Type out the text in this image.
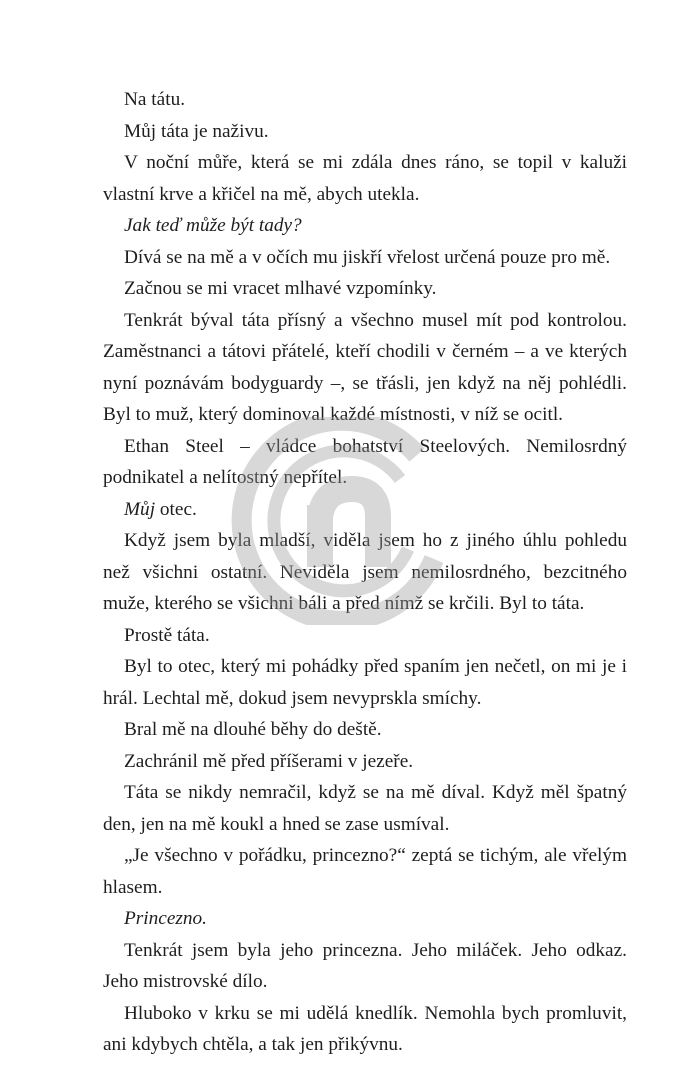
Na tátu.

Můj táta je naživu.

V noční můře, která se mi zdála dnes ráno, se topil v kaluži vlastní krve a křičel na mě, abych utekla.

Jak teď může být tady?

Dívá se na mě a v očích mu jiskří vřelost určená pouze pro mě.

Začnou se mi vracet mlhavé vzpomínky.

Tenkrát býval táta přísný a všechno musel mít pod kontrolou. Zaměstnanci a tátovi přátelé, kteří chodili v černém – a ve kterých nyní poznávám bodyguardy –, se třásli, jen když na něj pohlédli. Byl to muž, který dominoval každé místnosti, v níž se ocitl.

Ethan Steel – vládce bohatství Steelových. Nemilosrdný podnikatel a nelítostný nepřítel.

Můj otec.

Když jsem byla mladší, viděla jsem ho z jiného úhlu pohledu než všichni ostatní. Neviděla jsem nemilosrdného, bezcitného muže, kterého se všichni báli a před nímž se krčili. Byl to táta.

Prostě táta.

Byl to otec, který mi pohádky před spaním jen nečetl, on mi je i hrál. Lechtal mě, dokud jsem nevyprskla smíchy.

Bral mě na dlouhé běhy do deště.

Zachránil mě před příšerami v jezeře.

Táta se nikdy nemračil, když se na mě díval. Když měl špatný den, jen na mě koukl a hned se zase usmíval.

„Je všechno v pořádku, princezno?“ zeptá se tichým, ale vřelým hlasem.

Princezno.

Tenkrát jsem byla jeho princezna. Jeho miláček. Jeho odkaz. Jeho mistrovské dílo.

Hluboko v krku se mi udělá knedlík. Nemohla bych promluvit, ani kdybych chtěla, a tak jen přikývnu.
